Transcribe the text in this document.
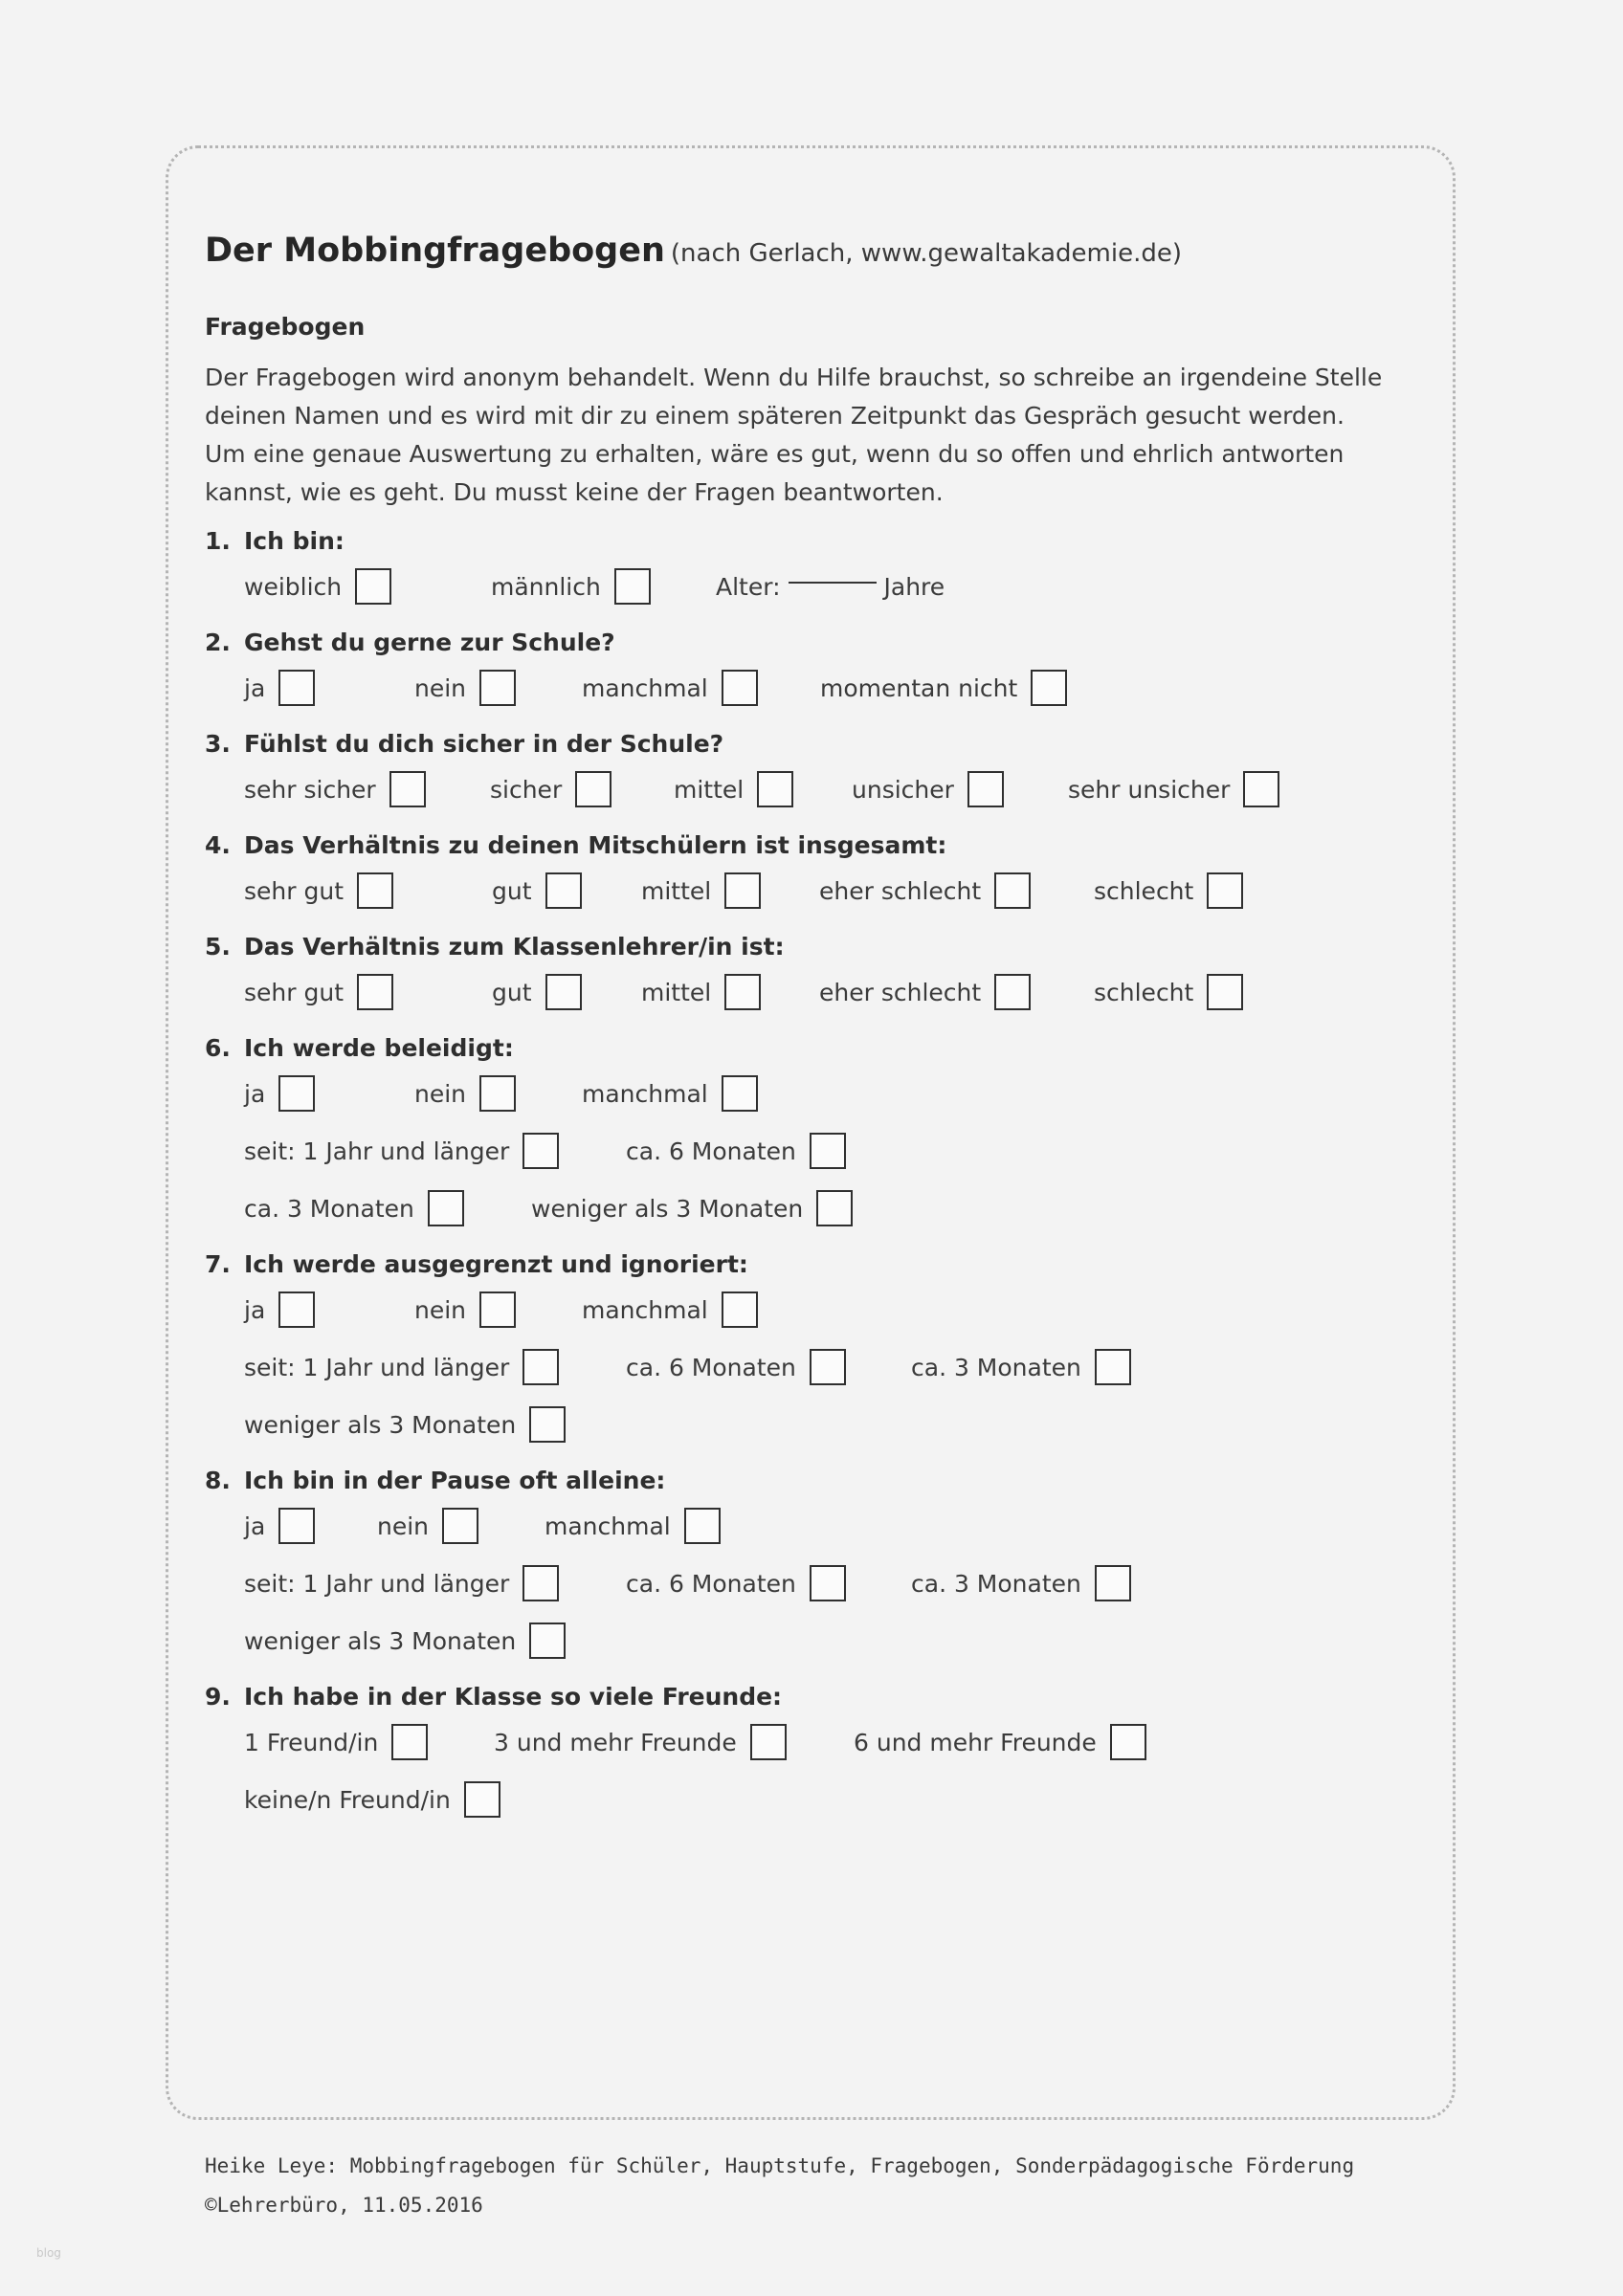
Der Mobbingfragebogen (nach Gerlach, www.gewaltakademie.de)
Fragebogen
Der Fragebogen wird anonym behandelt. Wenn du Hilfe brauchst, so schreibe an irgendeine Stelle
deinen Namen und es wird mit dir zu einem späteren Zeitpunkt das Gespräch gesucht werden.
Um eine genaue Auswertung zu erhalten, wäre es gut, wenn du so offen und ehrlich antworten
kannst, wie es geht. Du musst keine der Fragen beantworten.
1. Ich bin:
weiblich	männlich	Alter:	Jahre
2. Gehst du gerne zur Schule?
ja	nein	manchmal	momentan nicht
3. Fühlst du dich sicher in der Schule?
sehr sicher	sicher	mittel	unsicher	sehr unsicher
4. Das Verhältnis zu deinen Mitschülern ist insgesamt:
sehr gut	gut	mittel	eher schlecht	schlecht
5. Das Verhältnis zum Klassenlehrer/in ist:
sehr gut	gut	mittel	eher schlecht	schlecht
6. Ich werde beleidigt:
ja	nein	manchmal
seit: 1 Jahr und länger	ca. 6 Monaten
ca. 3 Monaten	weniger als 3 Monaten
7. Ich werde ausgegrenzt und ignoriert:
ja	nein	manchmal
seit: 1 Jahr und länger	ca. 6 Monaten	ca. 3 Monaten
weniger als 3 Monaten
8. Ich bin in der Pause oft alleine:
ja	nein	manchmal
seit: 1 Jahr und länger	ca. 6 Monaten	ca. 3 Monaten
weniger als 3 Monaten
9. Ich habe in der Klasse so viele Freunde:
1 Freund/in	3 und mehr Freunde	6 und mehr Freunde
keine/n Freund/in
Heike Leye: Mobbingfragebogen für Schüler, Hauptstufe, Fragebogen, Sonderpädagogische Förderung
©Lehrerbüro, 11.05.2016
blog
